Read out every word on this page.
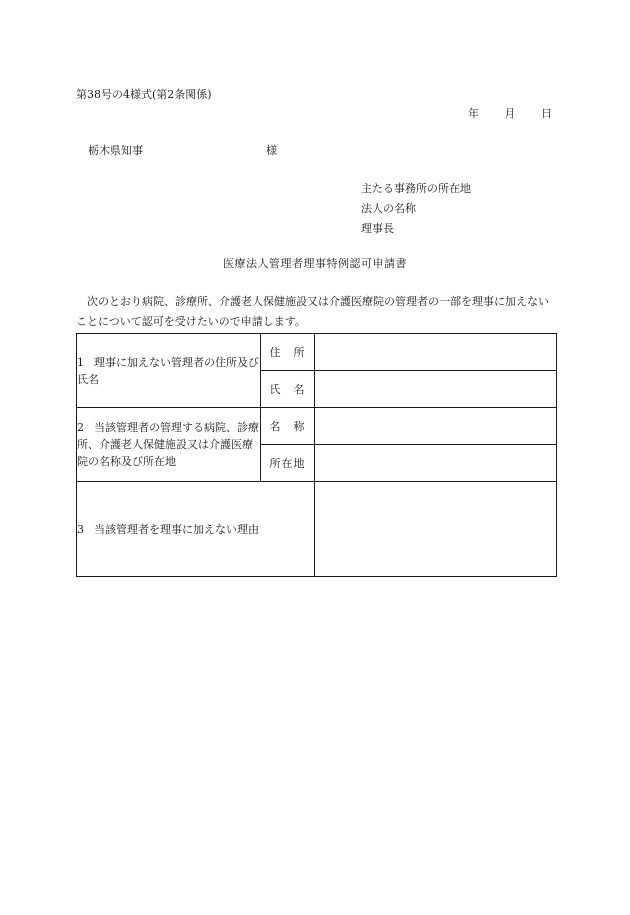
第38号の4様式(第2条関係)
年 月 日
栃木県知事	様
主たる事務所の所在地
法人の名称
理事長
医療法人管理者理事特例認可申請書
次のとおり病院、診療所、介護老人保健施設又は介護医療院の管理者の一部を理事に加えないことについて認可を受けたいので申請します。
1 理事に加えない管理者の住所及び氏名	住　所	
	氏　名	
2 当該管理者の管理する病院、診療所、介護老人保健施設又は介護医療院の名称及び所在地	名　称	
	所在地	
3 当該管理者を理事に加えない理由		
